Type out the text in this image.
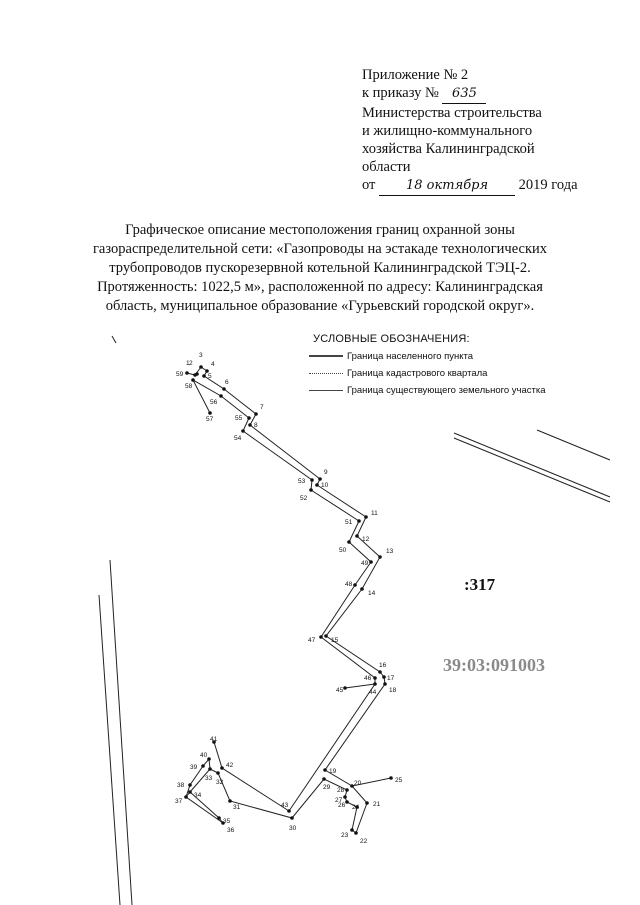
Приложение № 2
к приказу № 635
Министерства строительства
и жилищно-коммунального
хозяйства Калининградской
области
от 18 октября 2019 года
Графическое описание местоположения границ охранной зоны
газораспределительной сети: «Газопроводы на эстакаде технологических
трубопроводов пускорезервной котельной Калининградской ТЭЦ-2.
Протяженность: 1022,5 м», расположенной по адресу: Калининградская
область, муниципальное образование «Гурьевский городской округ».
УСЛОВНЫЕ ОБОЗНАЧЕНИЯ:
Граница населенного пункта
Граница кадастрового квартала
Граница существующего земельного участка
:317
39:03:091003
1 2
3
4
5
6
7
8
9
10
11
12
13
14
15
16
17
18
19
20
21
22
23
24
25
26
27
28
29
30
31
32
33
34
35
36
37
38
39
40
41
42
43
44
45
46
47
48
49
50
51
52
53
54
55
56
57
58
59
